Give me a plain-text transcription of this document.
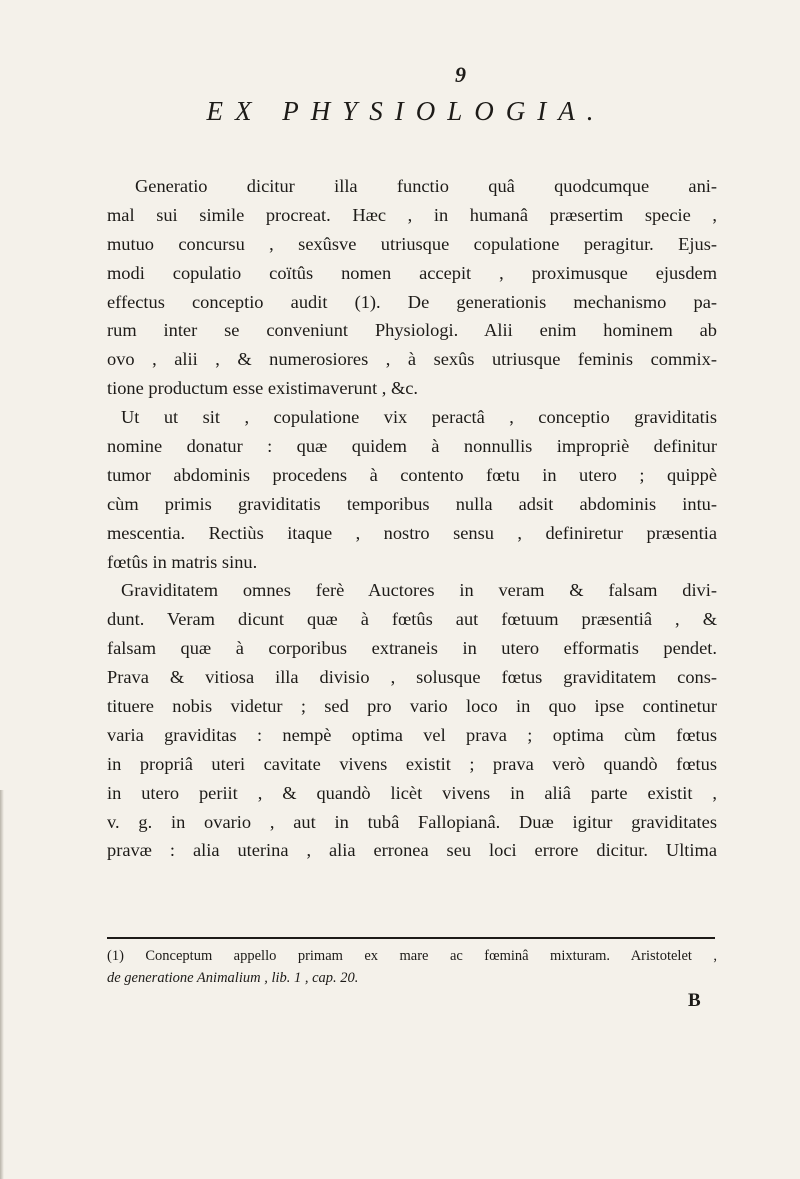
9
EX PHYSIOLOGIA.
Generatio dicitur illa functio quâ quodcumque ani-
mal sui simile procreat. Hæc , in humanâ præsertim specie ,
mutuo concursu , sexûsve utriusque copulatione peragitur. Ejus-
modi copulatio coïtûs nomen accepit , proximusque ejusdem
effectus conceptio audit (1). De generationis mechanismo pa-
rum inter se conveniunt Physiologi. Alii enim hominem ab
ovo , alii , & numerosiores , à sexûs utriusque feminis commix-
tione productum esse existimaverunt , &c.
Ut ut sit , copulatione vix peractâ , conceptio graviditatis
nomine donatur : quæ quidem à nonnullis impropriè definitur
tumor abdominis procedens à contento fœtu in utero ; quippè
cùm primis graviditatis temporibus nulla adsit abdominis intu-
mescentia. Rectiùs itaque , nostro sensu , definiretur præsentia
fœtûs in matris sinu.
Graviditatem omnes ferè Auctores in veram & falsam divi-
dunt. Veram dicunt quæ à fœtûs aut fœtuum præsentiâ , &
falsam quæ à corporibus extraneis in utero efformatis pendet.
Prava & vitiosa illa divisio , solusque fœtus graviditatem cons-
tituere nobis videtur ; sed pro vario loco in quo ipse continetur
varia graviditas : nempè optima vel prava ; optima cùm fœtus
in propriâ uteri cavitate vivens existit ; prava verò quandò fœtus
in utero periit , & quandò licèt vivens in aliâ parte existit ,
v. g. in ovario , aut in tubâ Fallopianâ. Duæ igitur graviditates
pravæ : alia uterina , alia erronea seu loci errore dicitur. Ultima
(1) Conceptum appello primam ex mare ac fœminâ mixturam. Aristotelet ,
de generatione Animalium , lib. 1 , cap. 20.
B
